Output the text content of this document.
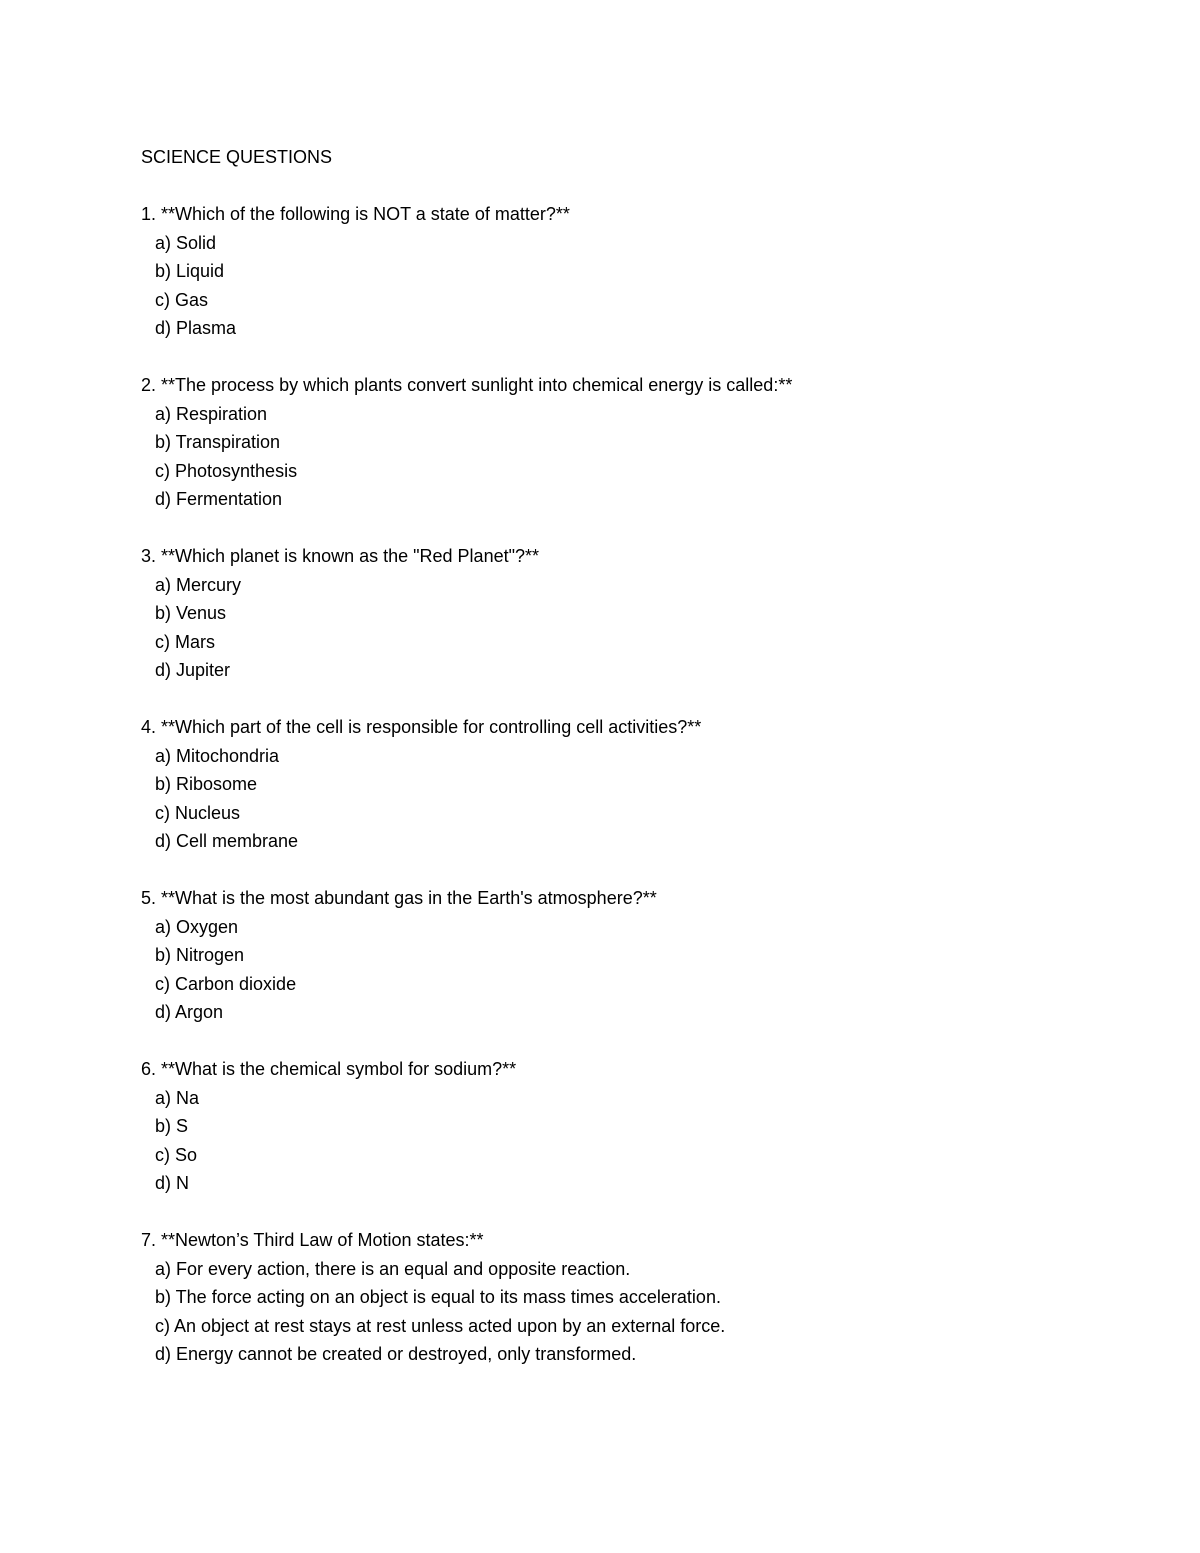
SCIENCE QUESTIONS
1. **Which of the following is NOT a state of matter?**
a) Solid
b) Liquid
c) Gas
d) Plasma
2. **The process by which plants convert sunlight into chemical energy is called:**
a) Respiration
b) Transpiration
c) Photosynthesis
d) Fermentation
3. **Which planet is known as the "Red Planet"?**
a) Mercury
b) Venus
c) Mars
d) Jupiter
4. **Which part of the cell is responsible for controlling cell activities?**
a) Mitochondria
b) Ribosome
c) Nucleus
d) Cell membrane
5. **What is the most abundant gas in the Earth's atmosphere?**
a) Oxygen
b) Nitrogen
c) Carbon dioxide
d) Argon
6. **What is the chemical symbol for sodium?**
a) Na
b) S
c) So
d) N
7. **Newton’s Third Law of Motion states:**
a) For every action, there is an equal and opposite reaction.
b) The force acting on an object is equal to its mass times acceleration.
c) An object at rest stays at rest unless acted upon by an external force.
d) Energy cannot be created or destroyed, only transformed.
